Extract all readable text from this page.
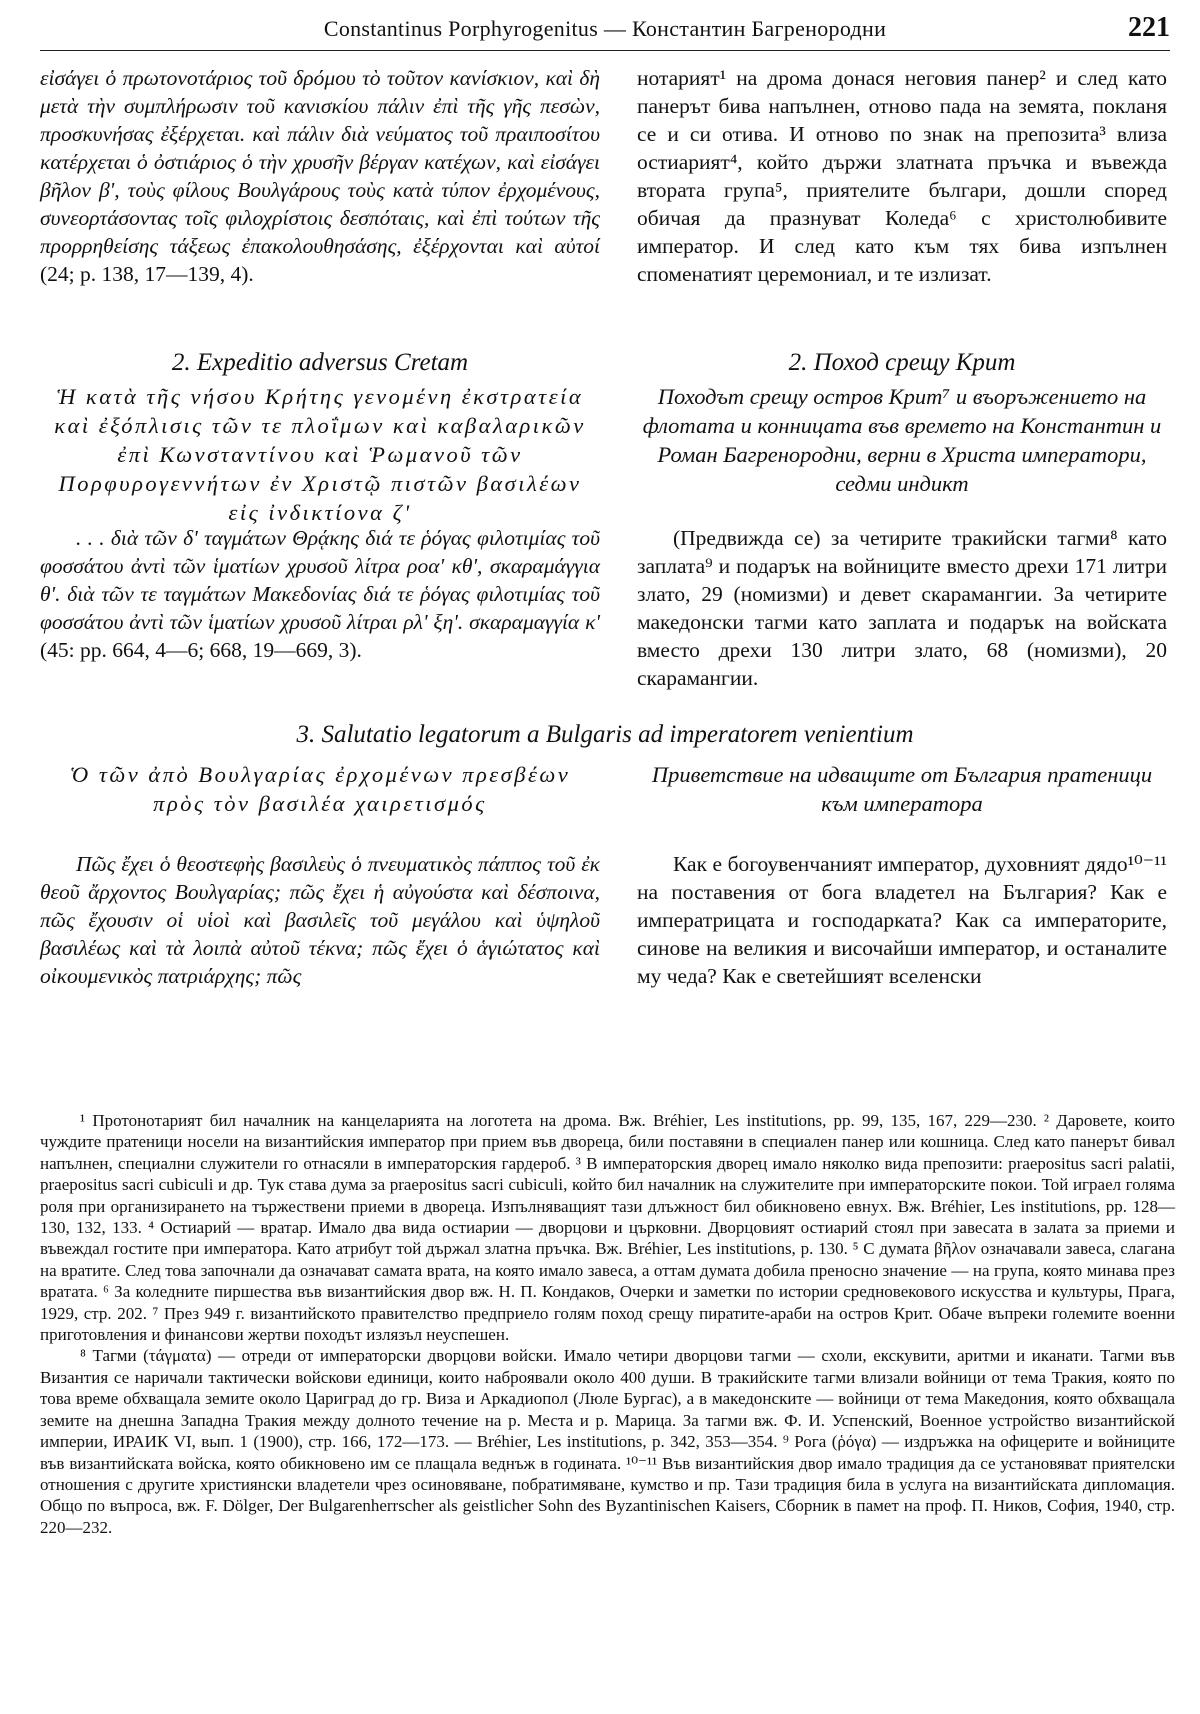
Constantinus Porphyrogenitus — Константин Багренородни	221

εἰσάγει ὁ πρωτονοτάριος τοῦ δρόμου τὸ τοῦτον κανίσκιον, καὶ δὴ μετὰ τὴν συμπλήρωσιν τοῦ κανισκίου πάλιν ἐπὶ τῆς γῆς πεσὼν, προσκυνήσας ἐξέρχεται. καὶ πάλιν διὰ νεύματος τοῦ πραιποσίτου κατέρχεται ὁ ὀστιάριος ὁ τὴν χρυσῆν βέργαν κατέχων, καὶ εἰσάγει βῆλον β', τοὺς φίλους Βουλγάρους τοὺς κατὰ τύπον ἐρχομένους, συνεορτάσοντας τοῖς φιλοχρίστοις δεσπόταις, καὶ ἐπὶ τούτων τῆς προρρηθείσης τάξεως ἐπακολουθησάσης, ἐξέρχονται καὶ αὐτοί (24; p. 138, 17—139, 4).

нотарият¹ на дрома донася неговия панер² и след като панерът бива напълнен, отново пада на земята, покланя се и си отива. И отново по знак на препозита³ влиза остиарият⁴, който държи златната пръчка и въвежда втората група⁵, приятелите българи, дошли според обичая да празнуват Коледа⁶ с христолюбивите император. И след като към тях бива изпълнен споменатият церемониал, и те излизат.

2. Expeditio adversus Cretam	2. Поход срещу Крит

Ἡ κατὰ τῆς νήσου Κρήτης γενομένη ἐκστρατεία καὶ ἐξόπλισις τῶν τε πλοΐμων καὶ καβαλαρικῶν ἐπὶ Κωνσταντίνου καὶ Ῥωμανοῦ τῶν Πορφυρογεννήτων ἐν Χριστῷ πιστῶν βασιλέων εἰς ἰνδικτίονα ζ'

Походът срещу остров Крит⁷ и въоръжението на флотата и конницата във времето на Константин и Роман Багренородни, верни в Христа императори, седми индикт

. . . διὰ τῶν δ' ταγμάτων Θρᾴκης διά τε ῥόγας φιλοτιμίας τοῦ φοσσάτου ἀντὶ τῶν ἱματίων χρυσοῦ λίτρα ροα' κθ', σκαραμάγγια θ'. διὰ τῶν τε ταγμάτων Μακεδονίας διά τε ῥόγας φιλοτιμίας τοῦ φοσσάτου ἀντὶ τῶν ἱματίων χρυσοῦ λίτραι ρλ' ξη'. σκαραμαγγία κ' (45: pp. 664, 4—6; 668, 19—669, 3).

(Предвижда се) за четирите тракийски тагми⁸ като заплата⁹ и подарък на войниците вместо дрехи 171 литри злато, 29 (номизми) и девет скарамангии. За четирите македонски тагми като заплата и подарък на войската вместо дрехи 130 литри злато, 68 (номизми), 20 скарамангии.

3. Salutatio legatorum a Bulgaris ad imperatorem venientium

Ὁ τῶν ἀπὸ Βουλγαρίας ἐρχομένων πρεσβέων πρὸς τὸν βασιλέα χαιρετισμός

Приветствие на идващите от България пратеници към императора

Πῶς ἔχει ὁ θεοστεφὴς βασιλεὺς ὁ πνευματικὸς πάππος τοῦ ἐκ θεοῦ ἄρχοντος Βουλγαρίας; πῶς ἔχει ἡ αὐγούστα καὶ δέσποινα, πῶς ἔχουσιν οἱ υἱοὶ καὶ βασιλεῖς τοῦ μεγάλου καὶ ὑψηλοῦ βασιλέως καὶ τὰ λοιπὰ αὐτοῦ τέκνα; πῶς ἔχει ὁ ἁγιώτατος καὶ οἰκουμενικὸς πατριάρχης; πῶς

Как е богоувенчаният император, духовният дядо¹⁰⁻¹¹ на поставения от бога владетел на България? Как е императрицата и господарката? Как са императорите, синове на великия и височайши император, и останалите му чеда? Как е светейшият вселенски

¹ Протонотарият бил началник на канцеларията на логотета на дрома. Вж. Bréhier, Les institutions, pp. 99, 135, 167, 229—230. ² Даровете, които чуждите пратеници носели на византийския император при прием във дворецa, били поставяни в специален панер или кошница. След като панерът бивал напълнен, специални служители го отнасяли в императорския гардероб. ³ В императорския дворец имало няколко вида препозити: praepositus sacri palatii, praepositus sacri cubiculi и др. Тук става дума за praepositus sacri cubiculi, който бил началник на служителите при императорските покои. Той играел голяма роля при организирането на тържествени приеми в двореца. Изпълняващият тази длъжност бил обикновено евнух. Вж. Bréhier, Les institutions, pp. 128—130, 132, 133. ⁴ Остиарий — вратар. Имало два вида остиарии — дворцови и църковни. Дворцовият остиарий стоял при завесата в залата за приеми и въвеждал гостите при императора. Като атрибут той държал златна пръчка. Вж. Bréhier, Les institutions, p. 130. ⁵ С думата βῆλον означавали завеса, слагана на вратите. След това започнали да означават самата врата, на която имало завеса, а оттам думата добила преносно значение — на група, която минава през вратата. ⁶ За коледните пиршества във византийския двор вж. Н. П. Кондаков, Очерки и заметки по истории средновекового искусства и культуры, Прага, 1929, стр. 202. ⁷ През 949 г. византийското правителство предприело голям поход срещу пиратите-араби на остров Крит. Обаче въпреки големите военни приготовления и финансови жертви походът излязъл неуспешен.

⁸ Тагми (τάγματα) — отреди от императорски дворцови войски. Имало четири дворцови тагми — схоли, екскувити, аритми и иканати. Тагми във Византия се наричали тактически войскови единици, които наброявали около 400 души. В тракийските тагми влизали войници от тема Тракия, която по това време обхващала земите около Цариград до гр. Виза и Аркадиопол (Люле Бургас), а в македонските — войници от тема Македония, която обхващала земите на днешна Западна Тракия между долното течение на р. Места и р. Марица. За тагми вж. Ф. И. Успенский, Военное устройство византийской империи, ИРАИК VI, вып. 1 (1900), стр. 166, 172—173. — Bréhier, Les institutions, p. 342, 353—354. ⁹ Рога (ῥόγα) — издръжка на офицерите и войниците във византийската войска, която обикновено им се плащала веднъж в годината. ¹⁰⁻¹¹ Във византийския двор имало традиция да се установяват приятелски отношения с другите християнски владетели чрез осиновяване, побратимяване, кумство и пр. Тази традиция била в услуга на византийската дипломация. Общо по въпроса, вж. F. Dölger, Der Bulgarenherrscher als geistlicher Sohn des Byzantinischen Kaisers, Сборник в памет на проф. П. Ников, София, 1940, стр. 220—232.
